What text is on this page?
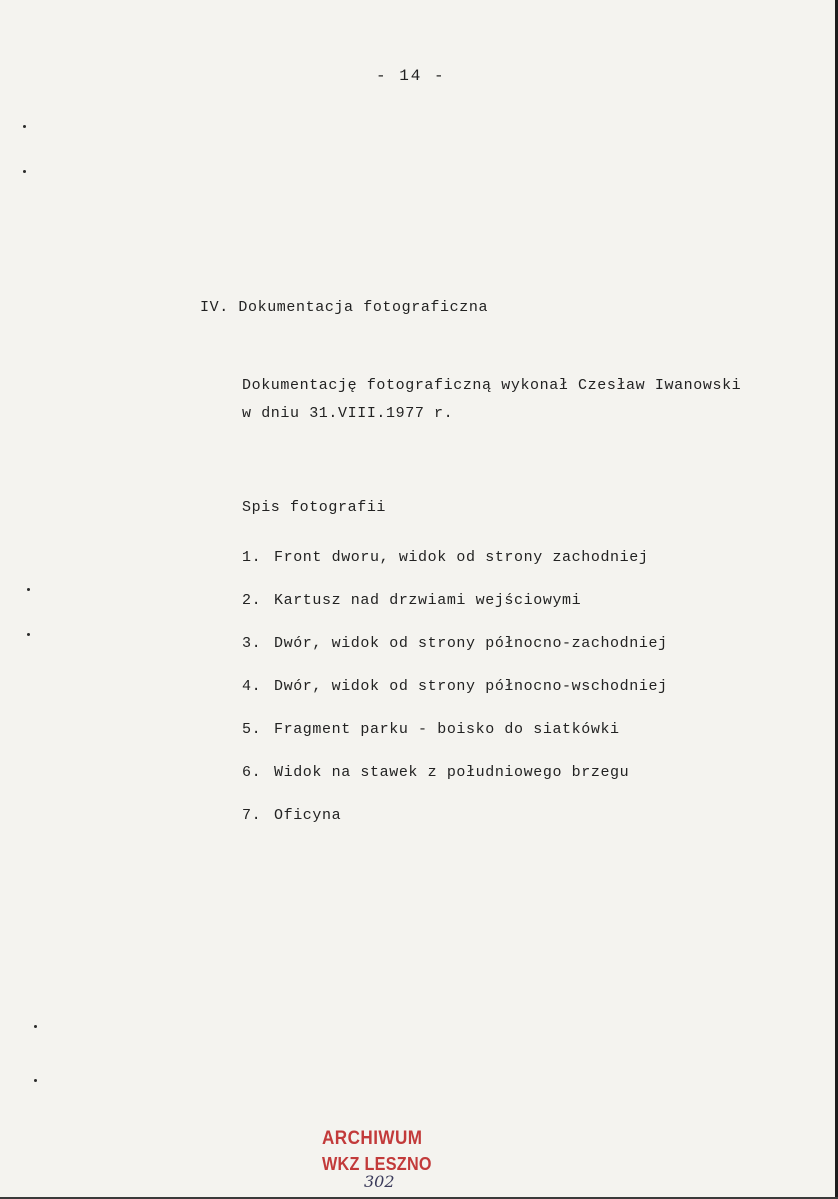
- 14 -
IV. Dokumentacja fotograficzna
Dokumentację fotograficzną wykonał Czesław Iwanowski
w dniu 31.VIII.1977 r.
Spis fotografii
1. Front dworu, widok od strony zachodniej
2. Kartusz nad drzwiami wejściowymi
3. Dwór, widok od strony północno-zachodniej
4. Dwór, widok od strony północno-wschodniej
5. Fragment parku - boisko do siatkówki
6. Widok na stawek z południowego brzegu
7. Oficyna
ARCHIWUM
WKZ LESZNO
302
